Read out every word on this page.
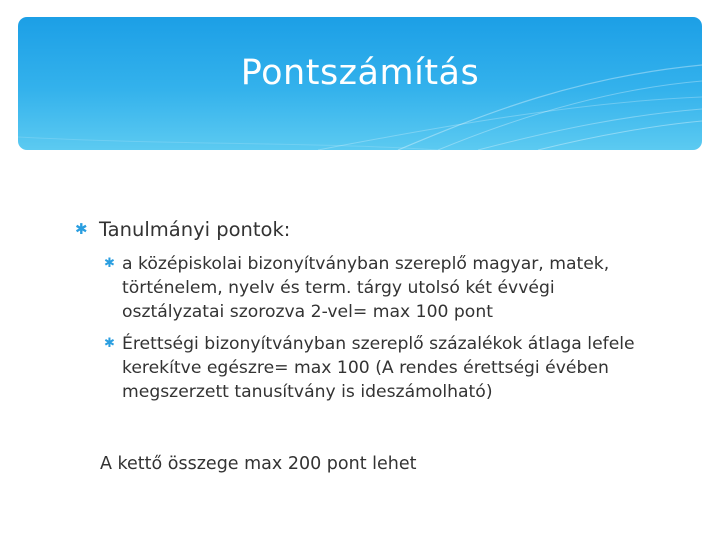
Pontszámítás
✱ Tanulmányi pontok:
✱ a középiskolai bizonyítványban szereplő magyar, matek, történelem, nyelv és term. tárgy utolsó két évvégi osztályzatai szorozva 2-vel= max 100 pont
✱ Érettségi bizonyítványban szereplő százalékok átlaga lefele kerekítve egészre= max 100 (A rendes érettségi évében megszerzett tanusítvány is ideszámolható)

A kettő összege max 200 pont lehet
